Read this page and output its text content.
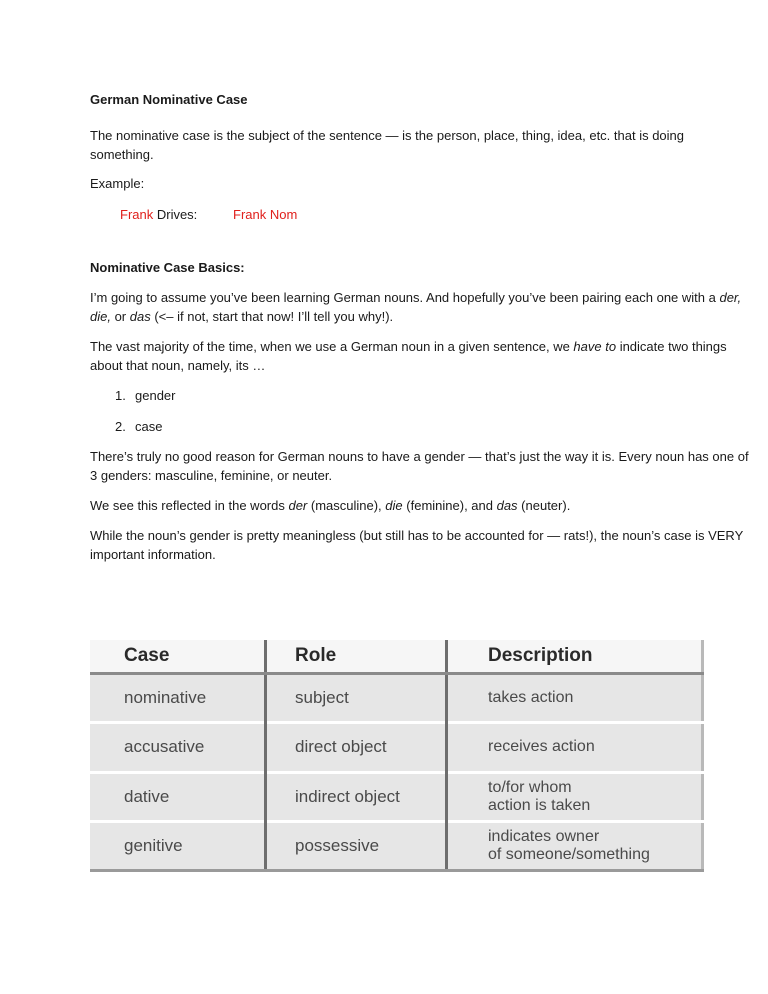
German Nominative Case

The nominative case is the subject of the sentence — is the person, place, thing, idea, etc. that is doing something.

Example:

Frank Drives:	Frank Nom

Nominative Case Basics:

I’m going to assume you’ve been learning German nouns. And hopefully you’ve been pairing each one with a der, die, or das (<– if not, start that now! I’ll tell you why!).

The vast majority of the time, when we use a German noun in a given sentence, we have to indicate two things about that noun, namely, its …

1. gender
2. case

There’s truly no good reason for German nouns to have a gender — that’s just the way it is. Every noun has one of 3 genders: masculine, feminine, or neuter.

We see this reflected in the words der (masculine), die (feminine), and das (neuter).

While the noun’s gender is pretty meaningless (but still has to be accounted for — rats!), the noun’s case is VERY important information.

Case	Role	Description
nominative	subject	takes action

accusative	direct object	receives action

dative	indirect object	to/for whom
action is taken

genitive	possessive	indicates owner
of someone/something
